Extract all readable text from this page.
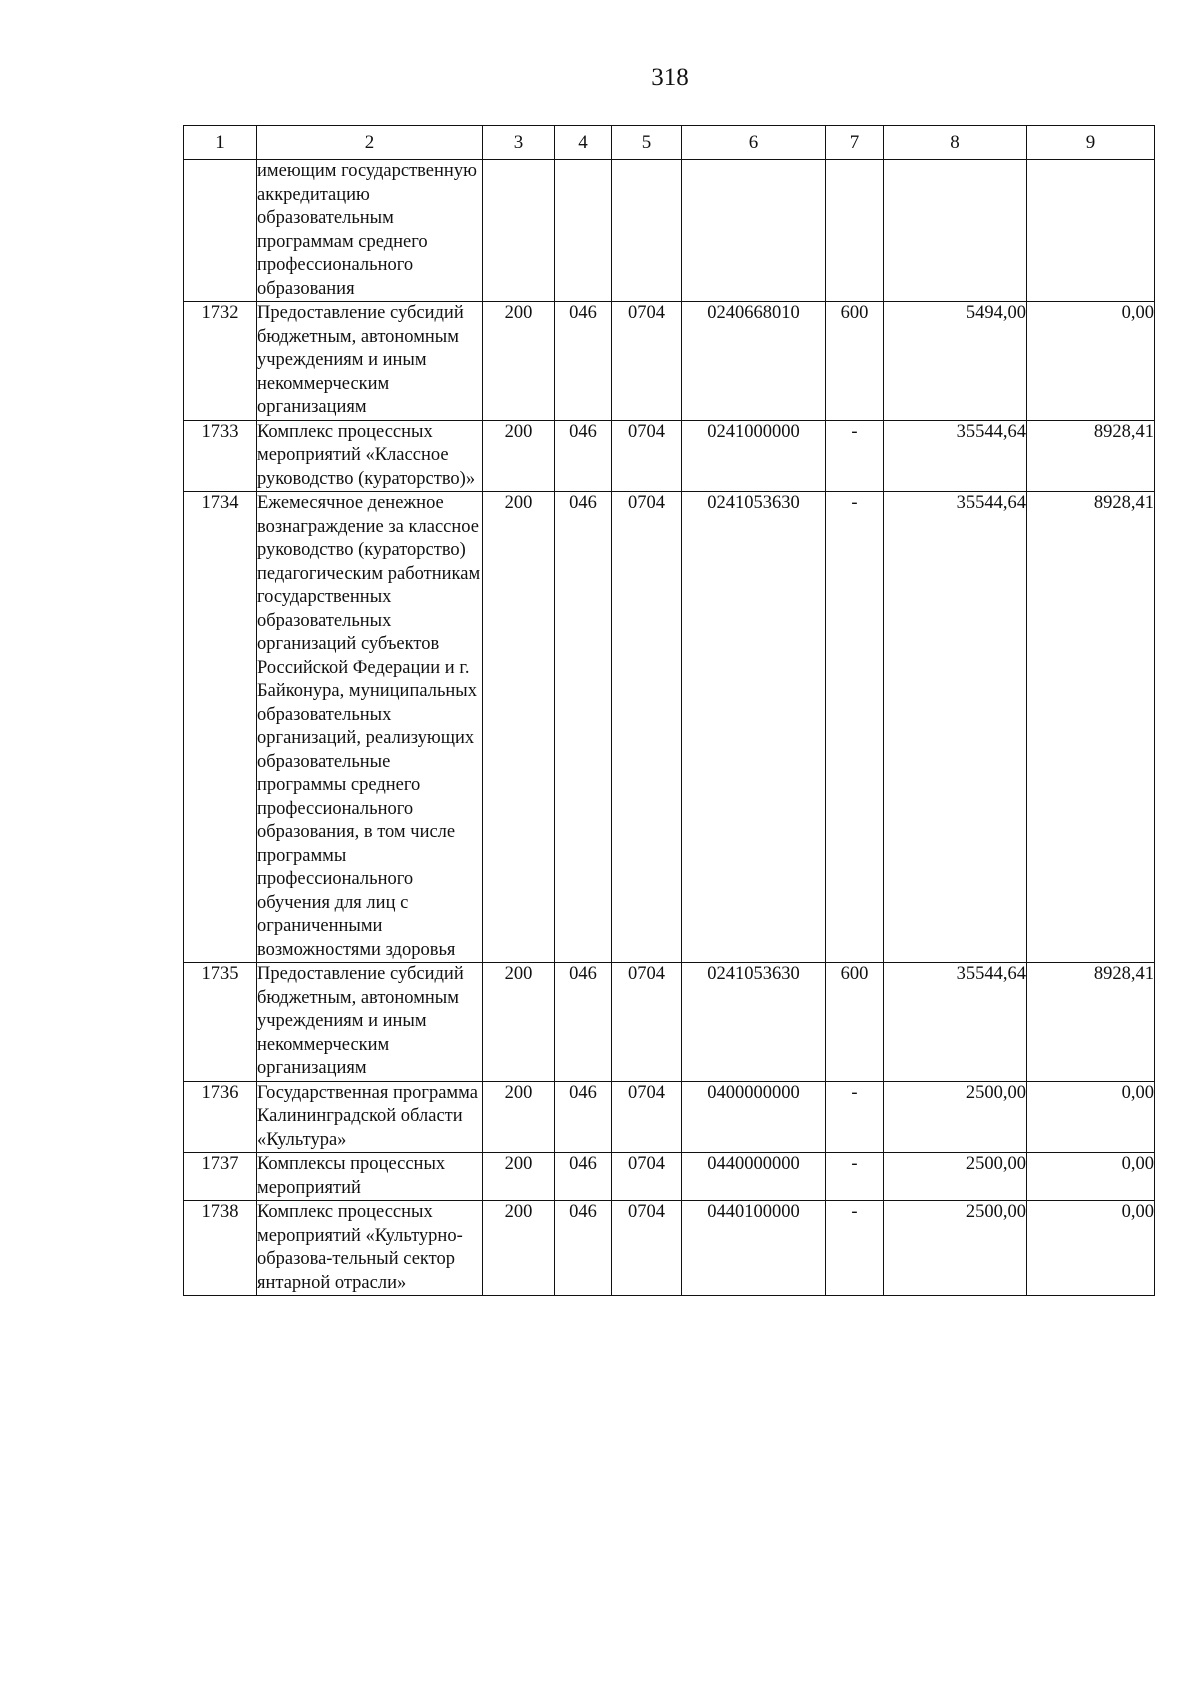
318
1	2	3	4	5	6	7	8	9
	имеющим государственную аккредитацию образовательным программам среднего профессионального образования							
1732	Предоставление субсидий бюджетным, автономным учреждениям и иным некоммерческим организациям	200	046	0704	0240668010	600	5494,00	0,00
1733	Комплекс процессных мероприятий «Классное руководство (кураторство)»	200	046	0704	0241000000	-	35544,64	8928,41
1734	Ежемесячное денежное вознаграждение за классное руководство (кураторство) педагогическим работникам государственных образовательных организаций субъектов Российской Федерации и г. Байконура, муниципальных образовательных организаций, реализующих образовательные программы среднего профессионального образования, в том числе программы профессионального обучения для лиц с ограниченными возможностями здоровья	200	046	0704	0241053630	-	35544,64	8928,41
1735	Предоставление субсидий бюджетным, автономным учреждениям и иным некоммерческим организациям	200	046	0704	0241053630	600	35544,64	8928,41
1736	Государственная программа Калининградской области «Культура»	200	046	0704	0400000000	-	2500,00	0,00
1737	Комплексы процессных мероприятий	200	046	0704	0440000000	-	2500,00	0,00
1738	Комплекс процессных мероприятий «Культурно-образова-тельный сектор янтарной отрасли»	200	046	0704	0440100000	-	2500,00	0,00
